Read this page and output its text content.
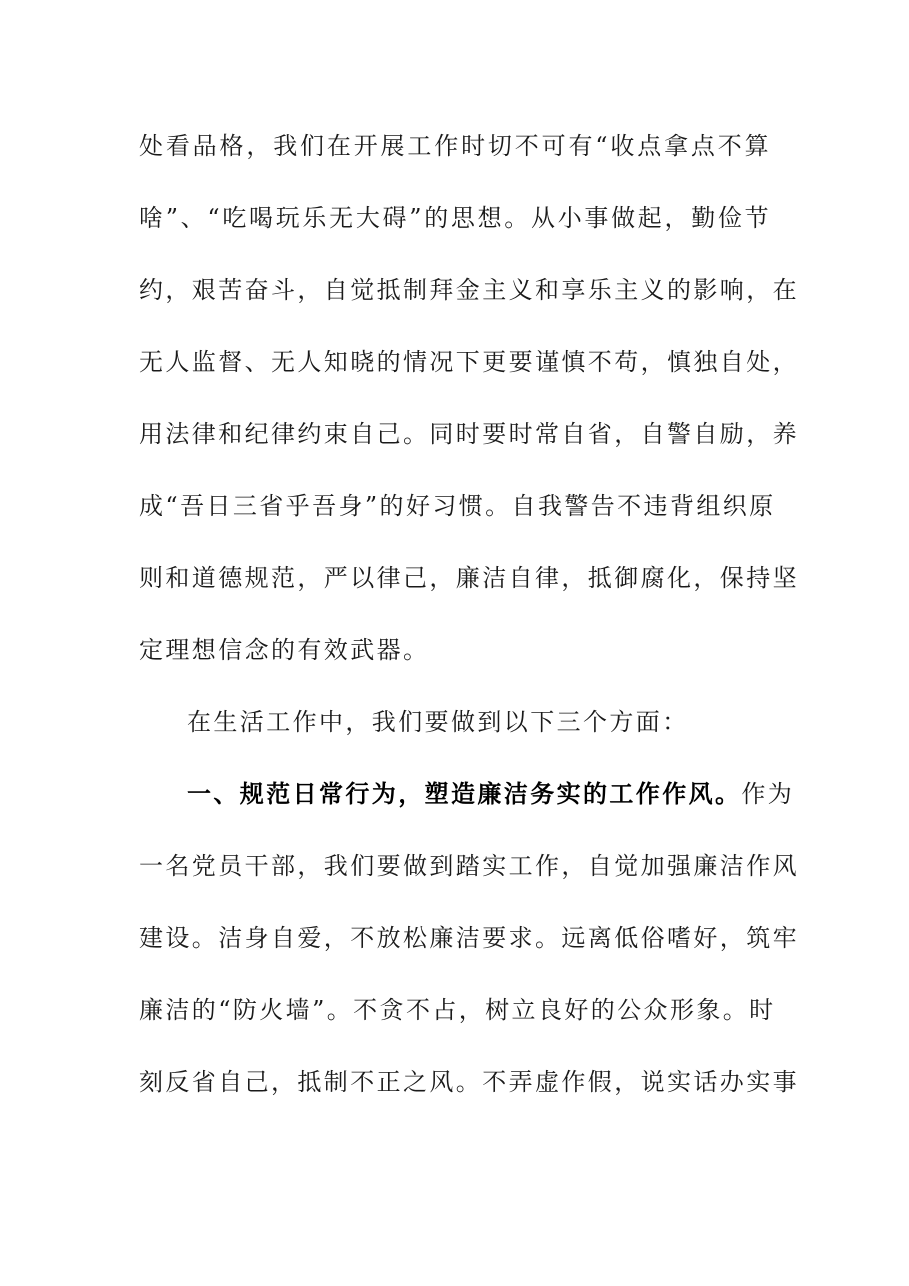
处看品格，我们在开展工作时切不可有“收点拿点不算
啥”、“吃喝玩乐无大碍”的思想。从小事做起，勤俭节
约，艰苦奋斗，自觉抵制拜金主义和享乐主义的影响，在
无人监督、无人知晓的情况下更要谨慎不苟，慎独自处，
用法律和纪律约束自己。同时要时常自省，自警自励，养
成“吾日三省乎吾身”的好习惯。自我警告不违背组织原
则和道德规范，严以律己，廉洁自律，抵御腐化，保持坚
定理想信念的有效武器。
在生活工作中，我们要做到以下三个方面：
一、规范日常行为，塑造廉洁务实的工作作风。作为
一名党员干部，我们要做到踏实工作，自觉加强廉洁作风
建设。洁身自爱，不放松廉洁要求。远离低俗嗜好，筑牢
廉洁的“防火墙”。不贪不占，树立良好的公众形象。时
刻反省自己，抵制不正之风。不弄虚作假，说实话办实事
